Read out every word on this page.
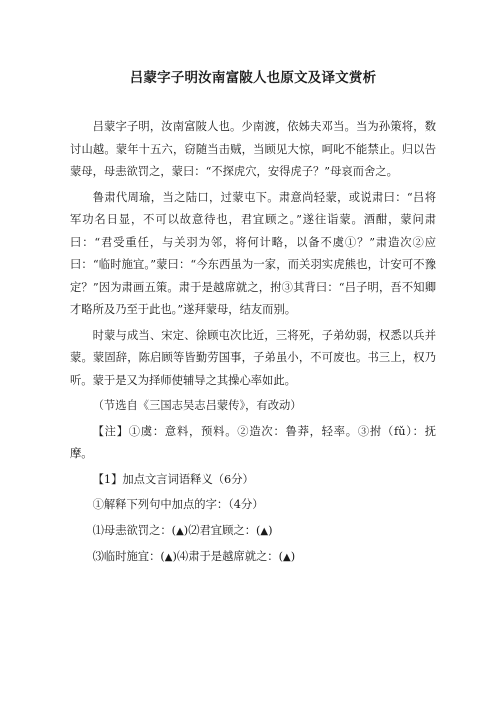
吕蒙字子明汝南富陂人也原文及译文赏析
吕蒙字子明，汝南富陂人也。少南渡，依姊夫邓当。当为孙策将，数讨山越。蒙年十五六，窃随当击贼，当顾见大惊，呵叱不能禁止。归以告蒙母，母恚欲罚之，蒙曰：“不探虎穴，安得虎子？”母哀而舍之。
鲁肃代周瑜，当之陆口，过蒙屯下。肃意尚轻蒙，或说肃曰：“吕将军功名日显，不可以故意待也，君宜顾之。”遂往诣蒙。酒酣，蒙问肃曰：“君受重任，与关羽为邻，将何计略，以备不虞①？”肃造次②应曰：“临时施宜。”蒙曰：“今东西虽为一家，而关羽实虎熊也，计安可不豫定？”因为肃画五策。肃于是越席就之，拊③其背曰：“吕子明，吾不知卿才略所及乃至于此也。”遂拜蒙母，结友而别。
时蒙与成当、宋定、徐顾屯次比近，三将死，子弟幼弱，权悉以兵并蒙。蒙固辞，陈启顾等皆勤劳国事，子弟虽小，不可废也。书三上，权乃听。蒙于是又为择师使辅导之其操心率如此。
（节选自《三国志吴志吕蒙传》，有改动）
【注】①虞：意料，预料。②造次：鲁莽，轻率。③拊（fǔ）：抚摩。
【1】加点文言词语释义（6分）
①解释下列句中加点的字：（4分）
⑴母恚欲罚之：(▲)⑵君宜顾之：(▲)
⑶临时施宜：(▲)⑷肃于是越席就之：(▲)
